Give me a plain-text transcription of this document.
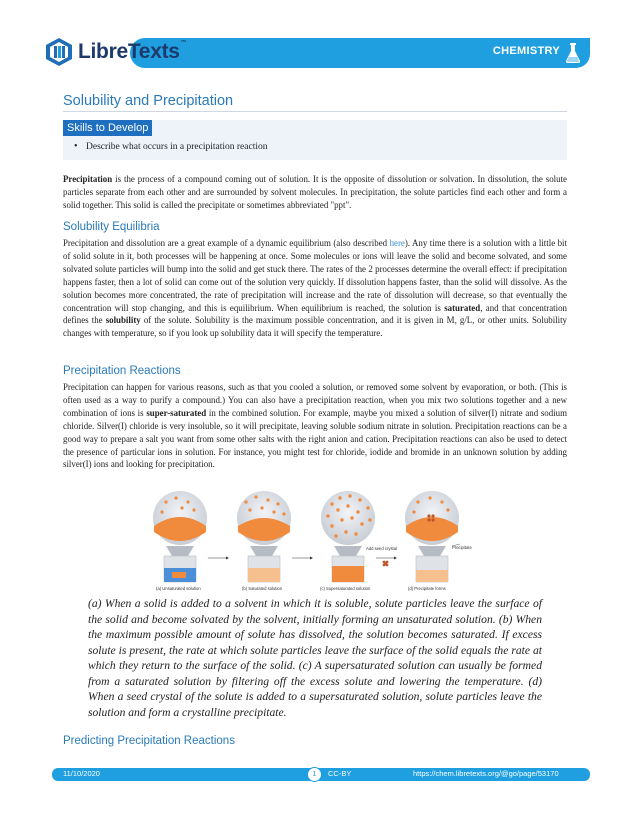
LibreTexts™
CHEMISTRY
Solubility and Precipitation
Skills to Develop
• Describe what occurs in a precipitation reaction

Precipitation is the process of a compound coming out of solution. It is the opposite of dissolution or solvation. In dissolution, the solute particles separate from each other and are surrounded by solvent molecules. In precipitation, the solute particles find each other and form a solid together. This solid is called the precipitate or sometimes abbreviated "ppt".

Solubility Equilibria

Precipitation and dissolution are a great example of a dynamic equilibrium (also described here). Any time there is a solution with a little bit of solid solute in it, both processes will be happening at once. Some molecules or ions will leave the solid and become solvated, and some solvated solute particles will bump into the solid and get stuck there. The rates of the 2 processes determine the overall effect: if precipitation happens faster, then a lot of solid can come out of the solution very quickly. If dissolution happens faster, than the solid will dissolve. As the solution becomes more concentrated, the rate of precipitation will increase and the rate of dissolution will decrease, so that eventually the concentration will stop changing, and this is equilibrium. When equilibrium is reached, the solution is saturated, and that concentration defines the solubility of the solute. Solubility is the maximum possible concentration, and it is given in M, g/L, or other units. Solubility changes with temperature, so if you look up solubility data it will specify the temperature.

Precipitation Reactions

Precipitation can happen for various reasons, such as that you cooled a solution, or removed some solvent by evaporation, or both. (This is often used as a way to purify a compound.) You can also have a precipitation reaction, when you mix two solutions together and a new combination of ions is super-saturated in the combined solution. For example, maybe you mixed a solution of silver(I) nitrate and sodium chloride. Silver(I) chloride is very insoluble, so it will precipitate, leaving soluble sodium nitrate in solution. Precipitation reactions can be a good way to prepare a salt you want from some other salts with the right anion and cation. Precipitation reactions can also be used to detect the presence of particular ions in solution. For instance, you might test for chloride, iodide and bromide in an unknown solution by adding silver(I) ions and looking for precipitation.

Add seed crystal	Precipitate
(a) Unsaturated solution	(b) Saturated solution	(c) Supersaturated solution	(d) Precipitate forms

(a) When a solid is added to a solvent in which it is soluble, solute particles leave the surface of the solid and become solvated by the solvent, initially forming an unsaturated solution. (b) When the maximum possible amount of solute has dissolved, the solution becomes saturated. If excess solute is present, the rate at which solute particles leave the surface of the solid equals the rate at which they return to the surface of the solid. (c) A supersaturated solution can usually be formed from a saturated solution by filtering off the excess solute and lowering the temperature. (d) When a seed crystal of the solute is added to a supersaturated solution, solute particles leave the solution and form a crystalline precipitate.

Predicting Precipitation Reactions
11/10/2020	CC-BY	https://chem.libretexts.org/@go/page/53170
1
